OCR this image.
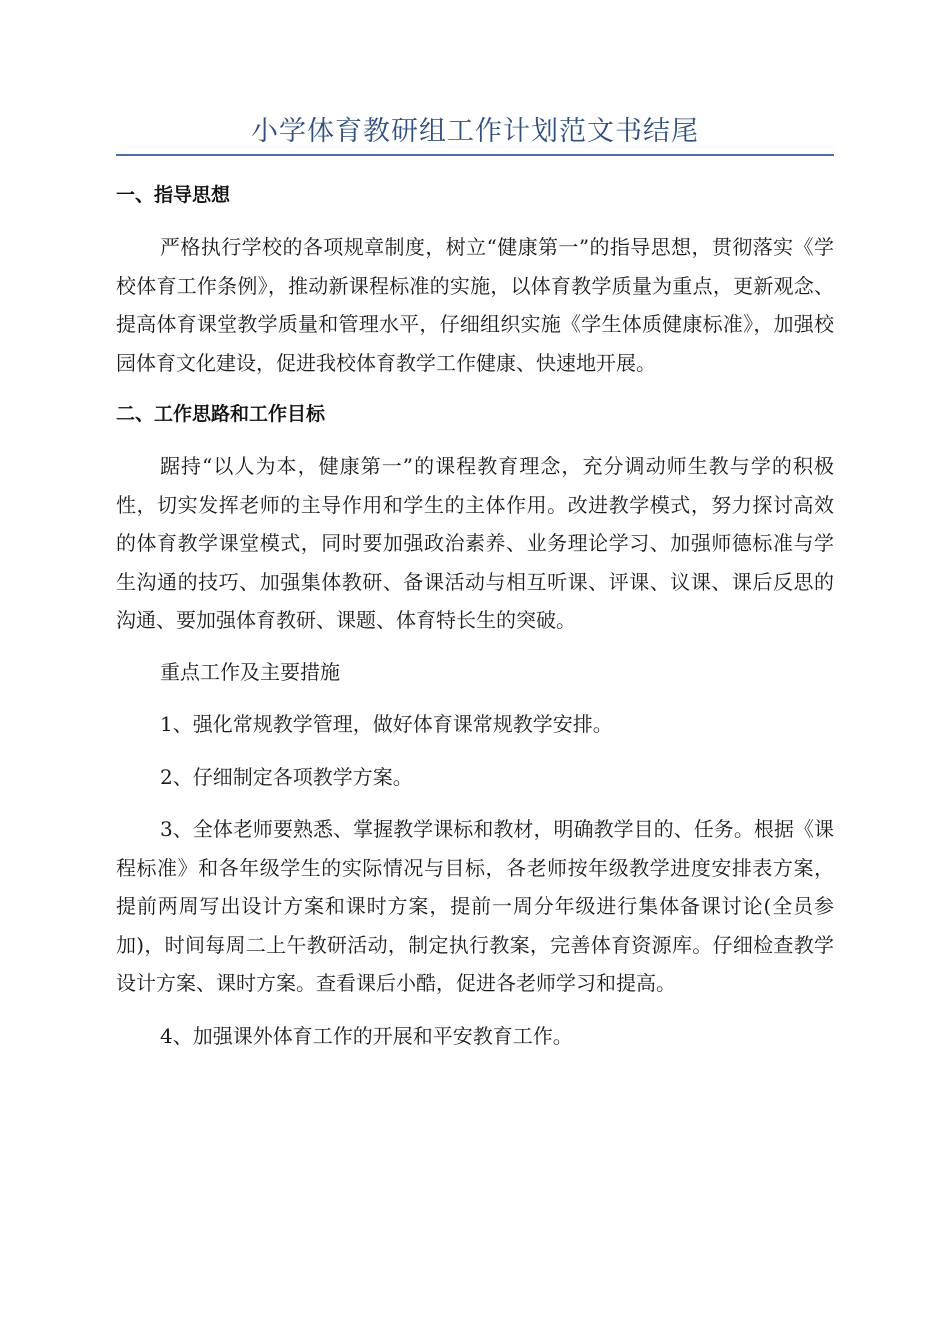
小学体育教研组工作计划范文书结尾
一、指导思想

严格执行学校的各项规章制度，树立“健康第一”的指导思想，贯彻落实《学校体育工作条例》，推动新课程标准的实施，以体育教学质量为重点，更新观念、提高体育课堂教学质量和管理水平，仔细组织实施《学生体质健康标准》，加强校园体育文化建设，促进我校体育教学工作健康、快速地开展。

二、工作思路和工作目标

踞持“以人为本，健康第一”的课程教育理念，充分调动师生教与学的积极性，切实发挥老师的主导作用和学生的主体作用。改进教学模式，努力探讨高效的体育教学课堂模式，同时要加强政治素养、业务理论学习、加强师德标准与学生沟通的技巧、加强集体教研、备课活动与相互听课、评课、议课、课后反思的沟通、要加强体育教研、课题、体育特长生的突破。

重点工作及主要措施

1、强化常规教学管理，做好体育课常规教学安排。

2、仔细制定各项教学方案。

3、全体老师要熟悉、掌握教学课标和教材，明确教学目的、任务。根据《课程标准》和各年级学生的实际情况与目标，各老师按年级教学进度安排表方案，提前两周写出设计方案和课时方案，提前一周分年级进行集体备课讨论(全员参加)，时间每周二上午教研活动，制定执行教案，完善体育资源库。仔细检查教学设计方案、课时方案。查看课后小酷，促进各老师学习和提高。

4、加强课外体育工作的开展和平安教育工作。
